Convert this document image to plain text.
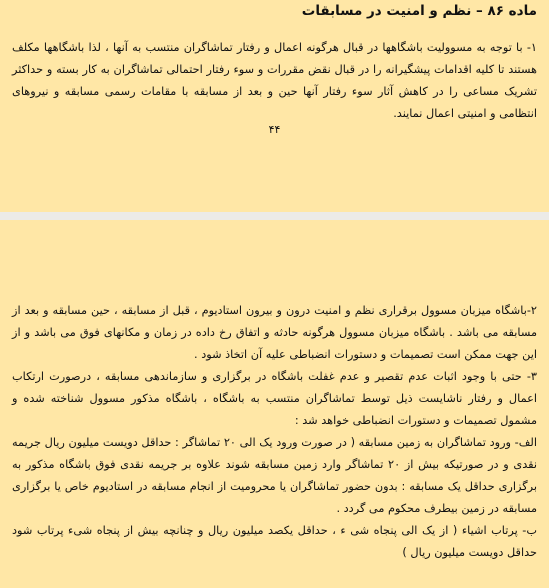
ماده ۸۶ – نظم و امنیت در مسابقات

۱- با توجه به مسوولیت باشگاهها در قبال هرگونه اعمال و رفتار تماشاگران منتسب به آنها ، لذا باشگاهها مکلف هستند تا کلیه اقدامات پیشگیرانه را در قبال نقض مقررات و سوء رفتار احتمالی تماشاگران به کار بسته و حداکثر تشریک مساعی را در کاهش آثار سوء رفتار آنها حین و بعد از مسابقه با مقامات رسمی مسابقه و نیروهای انتظامی و امنیتی اعمال نمایند.

۴۴

۲-باشگاه میزبان مسوول برقراری نظم و امنیت درون و بیرون استادیوم ، قبل از مسابقه ، حین مسابقه و بعد از مسابقه می باشد . باشگاه میزبان مسوول هرگونه حادثه و اتفاق رخ داده در زمان و مکانهای فوق می باشد و از این جهت ممکن است تصمیمات و دستورات انضباطی علیه آن اتخاذ شود .

۳- حتی با وجود اثبات عدم تقصیر و عدم غفلت باشگاه در برگزاری و سازماندهی مسابقه ، درصورت ارتکاب اعمال و رفتار ناشایست ذیل توسط تماشاگران منتسب به باشگاه ، باشگاه مذکور مسوول شناخته شده و مشمول تصمیمات و دستورات انضباطی خواهد شد :

الف- ورود تماشاگران به زمین مسابقه ( در صورت ورود یک الی ۲۰ تماشاگر : حداقل دویست میلیون ریال جریمه نقدی و در صورتیکه بیش از ۲۰ تماشاگر وارد زمین مسابقه شوند علاوه بر جریمه نقدی فوق باشگاه مذکور به برگزاری حداقل یک مسابقه : بدون حضور تماشاگران یا محرومیت از انجام مسابقه در استادیوم خاص یا برگزاری مسابقه در زمین بیطرف محکوم می گردد .

ب- پرتاب اشیاء ( از یک الی پنجاه شی ء ، حداقل یکصد میلیون ریال و چنانچه بیش از پنجاه شیء پرتاب شود حداقل دویست میلیون ریال )
